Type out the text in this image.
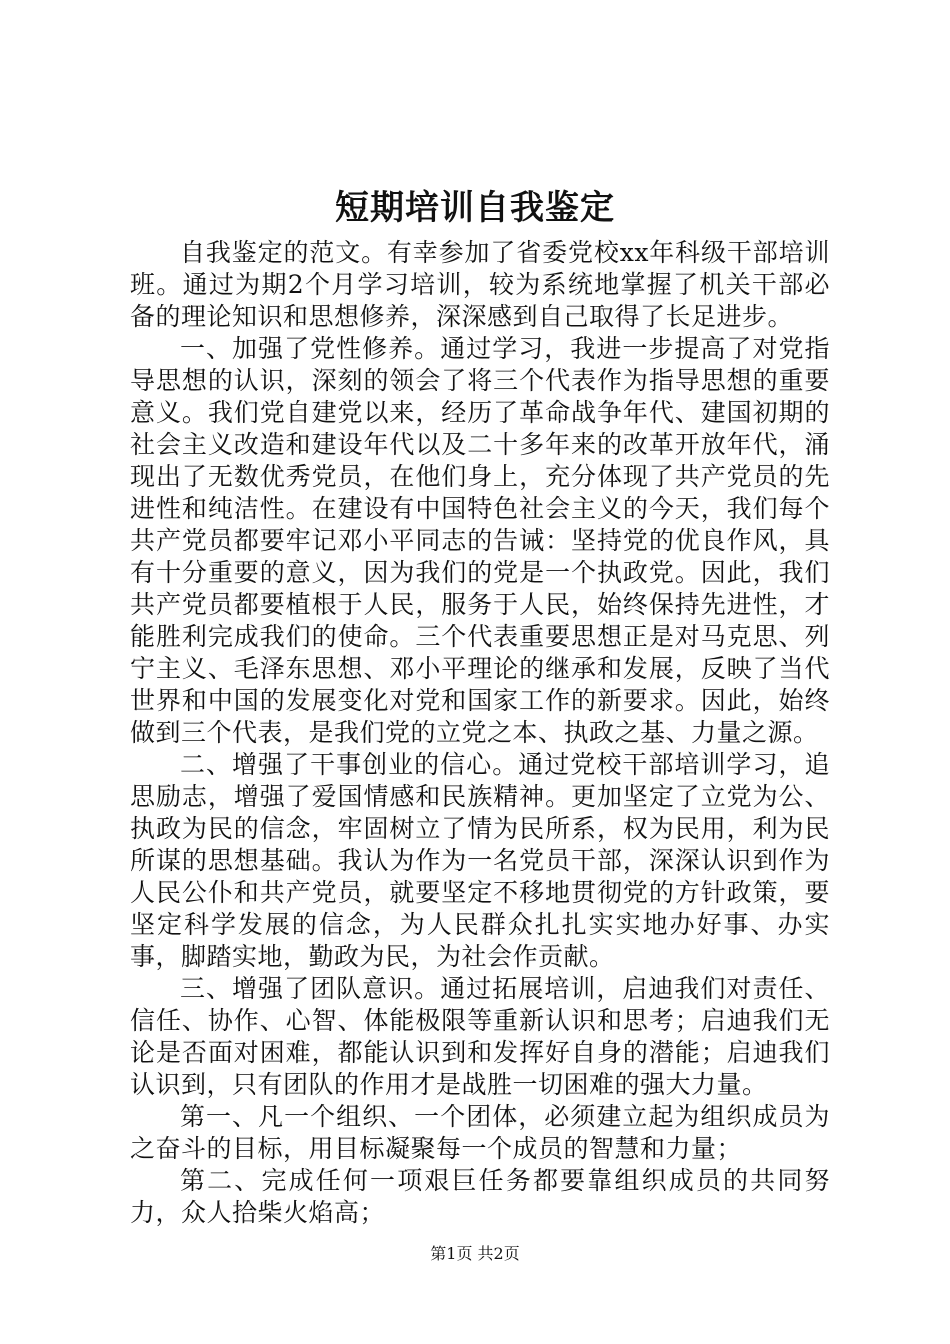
短期培训自我鉴定

自我鉴定的范文。有幸参加了省委党校xx年科级干部培训班。通过为期2个月学习培训，较为系统地掌握了机关干部必备的理论知识和思想修养，深深感到自己取得了长足进步。

一、加强了党性修养。通过学习，我进一步提高了对党指导思想的认识，深刻的领会了将三个代表作为指导思想的重要意义。我们党自建党以来，经历了革命战争年代、建国初期的社会主义改造和建设年代以及二十多年来的改革开放年代，涌现出了无数优秀党员，在他们身上，充分体现了共产党员的先进性和纯洁性。在建设有中国特色社会主义的今天，我们每个共产党员都要牢记邓小平同志的告诫：坚持党的优良作风，具有十分重要的意义，因为我们的党是一个执政党。因此，我们共产党员都要植根于人民，服务于人民，始终保持先进性，才能胜利完成我们的使命。三个代表重要思想正是对马克思、列宁主义、毛泽东思想、邓小平理论的继承和发展，反映了当代世界和中国的发展变化对党和国家工作的新要求。因此，始终做到三个代表，是我们党的立党之本、执政之基、力量之源。

二、增强了干事创业的信心。通过党校干部培训学习，追思励志，增强了爱国情感和民族精神。更加坚定了立党为公、执政为民的信念，牢固树立了情为民所系，权为民用，利为民所谋的思想基础。我认为作为一名党员干部，深深认识到作为人民公仆和共产党员，就要坚定不移地贯彻党的方针政策，要坚定科学发展的信念，为人民群众扎扎实实地办好事、办实事，脚踏实地，勤政为民，为社会作贡献。

三、增强了团队意识。通过拓展培训，启迪我们对责任、信任、协作、心智、体能极限等重新认识和思考；启迪我们无论是否面对困难，都能认识到和发挥好自身的潜能；启迪我们认识到，只有团队的作用才是战胜一切困难的强大力量。

第一、凡一个组织、一个团体，必须建立起为组织成员为之奋斗的目标，用目标凝聚每一个成员的智慧和力量；

第二、完成任何一项艰巨任务都要靠组织成员的共同努力，众人拾柴火焰高；

第1页 共2页
